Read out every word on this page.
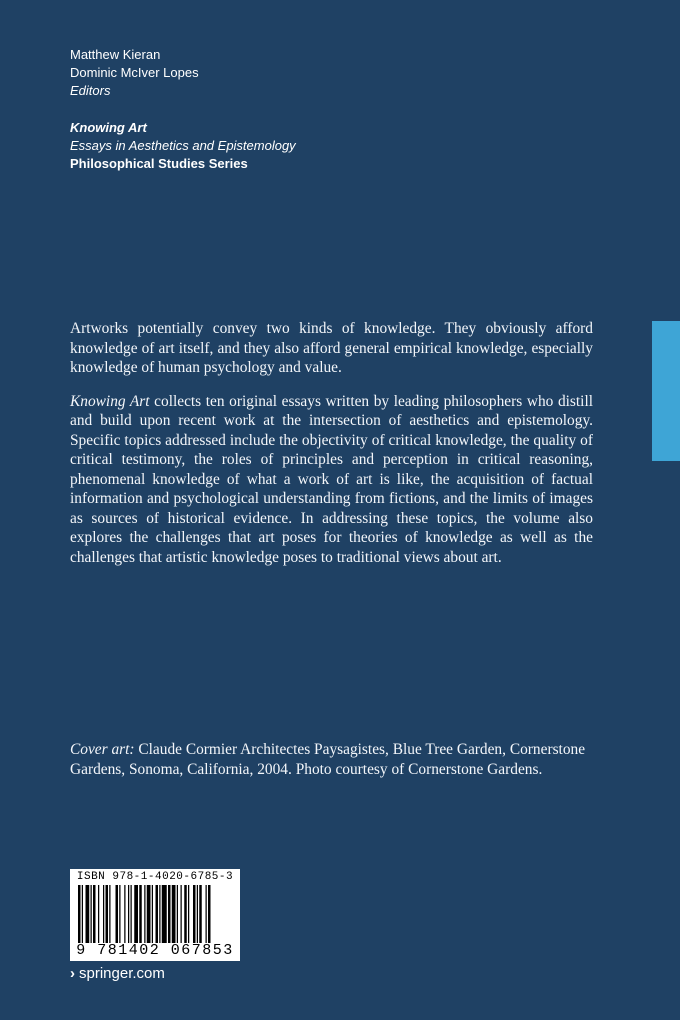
Matthew Kieran
Dominic McIver Lopes
Editors
Knowing Art
Essays in Aesthetics and Epistemology
Philosophical Studies Series

Artworks potentially convey two kinds of knowledge. They obviously afford knowledge of art itself, and they also afford general empirical knowledge, especially knowledge of human psychology and value.

Knowing Art collects ten original essays written by leading philosophers who distill and build upon recent work at the intersection of aesthetics and epistemology. Specific topics addressed include the objectivity of critical knowledge, the quality of critical testimony, the roles of principles and perception in critical reasoning, phenomenal knowledge of what a work of art is like, the acquisition of factual information and psychological understanding from fictions, and the limits of images as sources of historical evidence. In addressing these topics, the volume also explores the challenges that art poses for theories of knowledge as well as the challenges that artistic knowledge poses to traditional views about art.

Cover art: Claude Cormier Architectes Paysagistes, Blue Tree Garden, Cornerstone Gardens, Sonoma, California, 2004. Photo courtesy of Cornerstone Gardens.
ISBN 978-1-4020-6785-3
9 781402 067853
› springer.com
